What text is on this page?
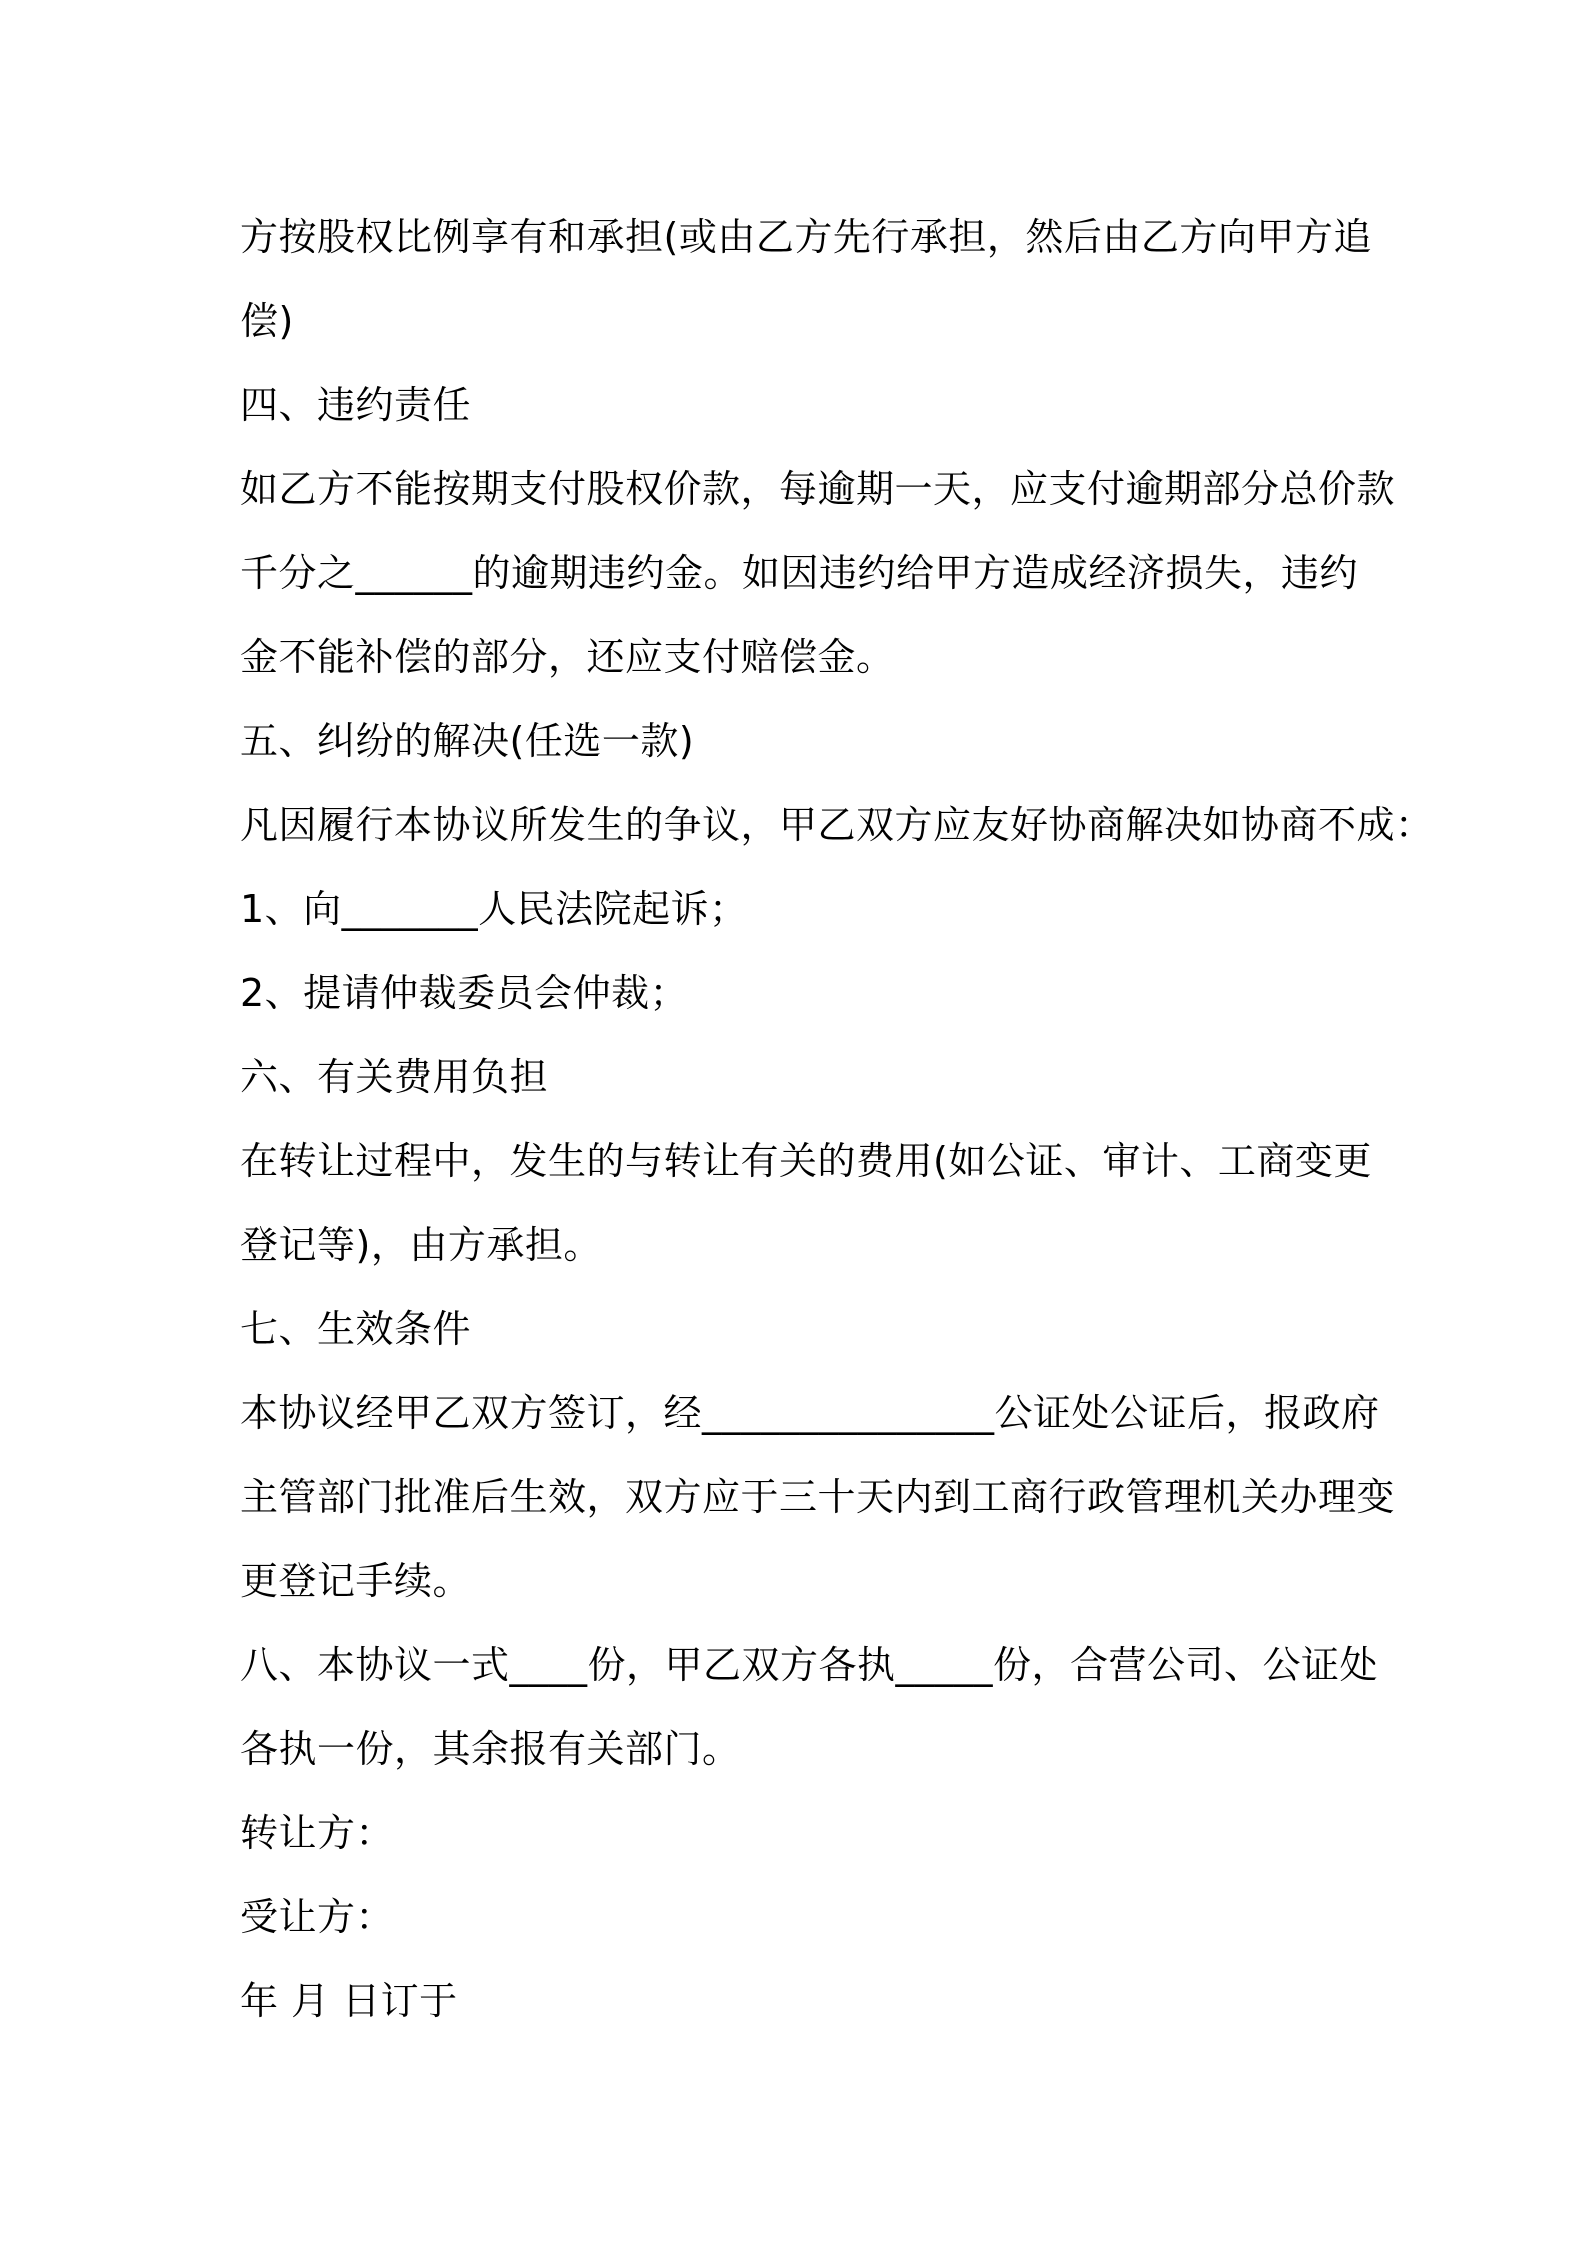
方按股权比例享有和承担(或由乙方先行承担，然后由乙方向甲方追
偿)
四、违约责任
如乙方不能按期支付股权价款，每逾期一天，应支付逾期部分总价款
千分之______的逾期违约金。如因违约给甲方造成经济损失，违约
金不能补偿的部分，还应支付赔偿金。
五、纠纷的解决(任选一款)
凡因履行本协议所发生的争议，甲乙双方应友好协商解决如协商不成：
1、向_______人民法院起诉；
2、提请仲裁委员会仲裁；
六、有关费用负担
在转让过程中，发生的与转让有关的费用(如公证、审计、工商变更
登记等)，由方承担。
七、生效条件
本协议经甲乙双方签订，经_______________公证处公证后，报政府
主管部门批准后生效，双方应于三十天内到工商行政管理机关办理变
更登记手续。
八、本协议一式____份，甲乙双方各执_____份，合营公司、公证处
各执一份，其余报有关部门。
转让方：
受让方：
年 月 日订于
